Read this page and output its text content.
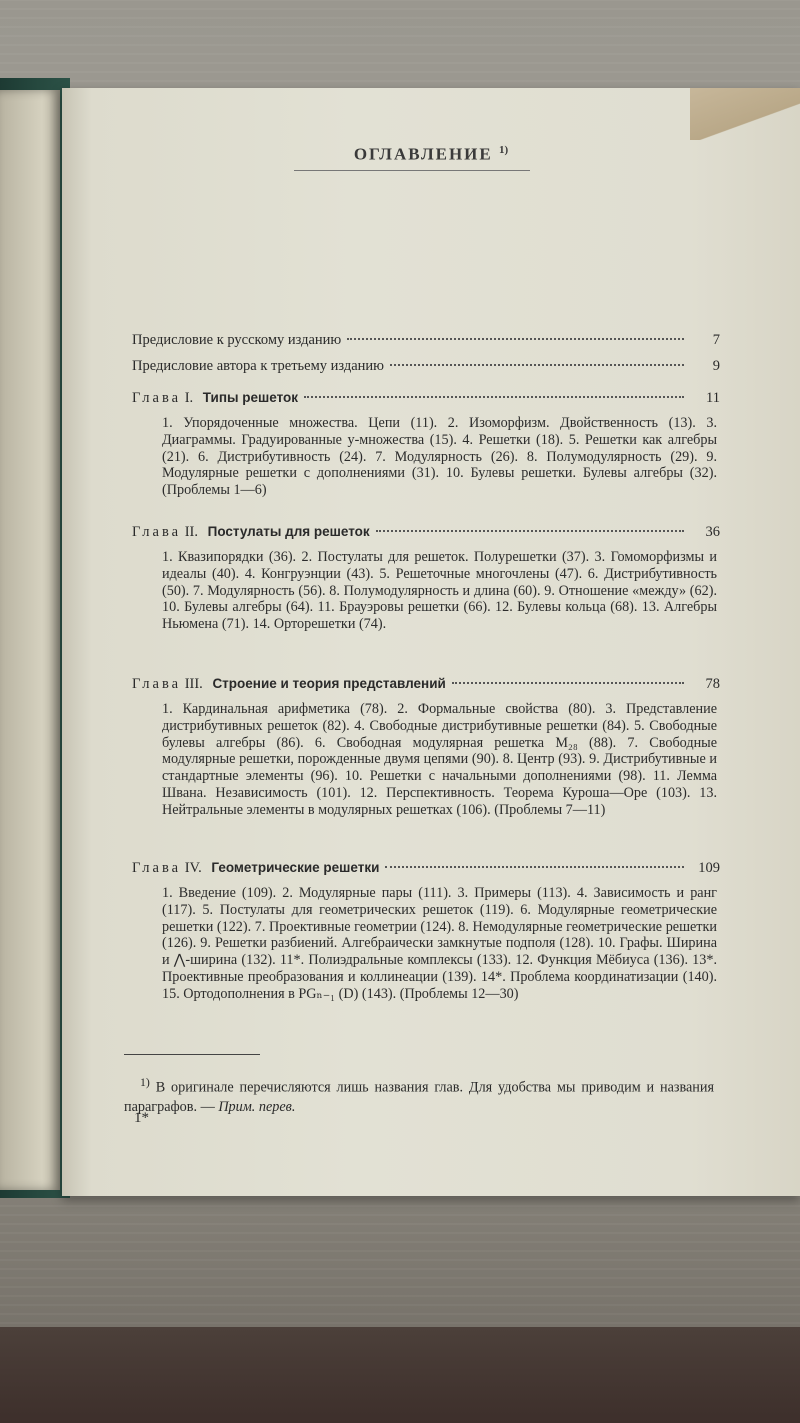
ОГЛАВЛЕНИЕ $^{1)}$
Предисловие к русскому изданию	7
Предисловие автора к третьему изданию	9
Глава I. Типы решеток	11
1. Упорядоченные множества. Цепи (11). 2. Изоморфизм. Двойственность (13). 3. Диаграммы. Градуированные у-множества (15). 4. Решетки (18). 5. Решетки как алгебры (21). 6. Дистрибутивность (24). 7. Модулярность (26). 8. Полумодулярность (29). 9. Модулярные решетки с дополнениями (31). 10. Булевы решетки. Булевы алгебры (32). (Проблемы 1—6)
Глава II. Постулаты для решеток	36
1. Квазипорядки (36). 2. Постулаты для решеток. Полурешетки (37). 3. Гомоморфизмы и идеалы (40). 4. Конгруэнции (43). 5. Решеточные многочлены (47). 6. Дистрибутивность (50). 7. Модулярность (56). 8. Полумодулярность и длина (60). 9. Отношение «между» (62). 10. Булевы алгебры (64). 11. Брауэровы решетки (66). 12. Булевы кольца (68). 13. Алгебры Ньюмена (71). 14. Орторешетки (74).
Глава III. Строение и теория представлений	78
1. Кардинальная арифметика (78). 2. Формальные свойства (80). 3. Представление дистрибутивных решеток (82). 4. Свободные дистрибутивные решетки (84). 5. Свободные булевы алгебры (86). 6. Свободная модулярная решетка M₂₈ (88). 7. Свободные модулярные решетки, порожденные двумя цепями (90). 8. Центр (93). 9. Дистрибутивные и стандартные элементы (96). 10. Решетки с начальными дополнениями (98). 11. Лемма Швана. Независимость (101). 12. Перспективность. Теорема Куроша—Оре (103). 13. Нейтральные элементы в модулярных решетках (106). (Проблемы 7—11)
Глава IV. Геометрические решетки	109
1. Введение (109). 2. Модулярные пары (111). 3. Примеры (113). 4. Зависимость и ранг (117). 5. Постулаты для геометрических решеток (119). 6. Модулярные геометрические решетки (122). 7. Проективные геометрии (124). 8. Немодулярные геометрические решетки (126). 9. Решетки разбиений. Алгебраически замкнутые подполя (128). 10. Графы. Ширина и ⋀-ширина (132). 11*. Полиэдральные комплексы (133). 12. Функция Мёбиуса (136). 13*. Проективные преобразования и коллинеации (139). 14*. Проблема координатизации (140). 15. Ортодополнения в PGₙ₋₁ (D) (143). (Проблемы 12—30)
$^{1)}$ В оригинале перечисляются лишь названия глав. Для удобства мы приводим и названия параграфов. — Прим. перев.
1*
